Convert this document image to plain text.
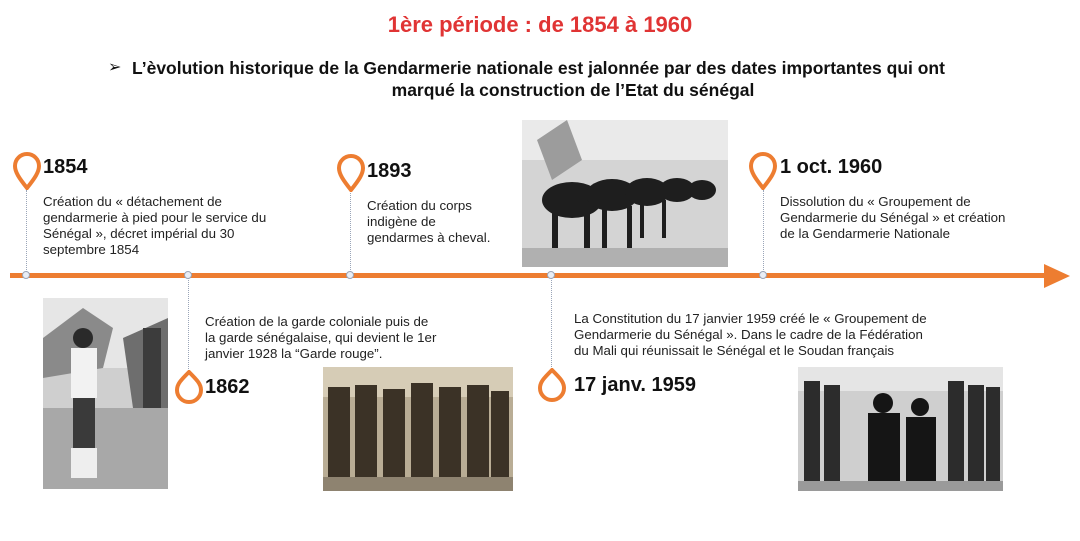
1ère période : de 1854 à 1960
➢ L’èvolution historique de la Gendarmerie nationale est jalonnée par des dates importantes qui ont
marqué la construction de l’Etat du sénégal
1854
Création du « détachement de
gendarmerie à pied pour le service du
Sénégal », décret impérial du 30
septembre 1854
1893
Création du corps
indigène de
gendarmes à cheval.
1 oct. 1960
Dissolution du « Groupement de
Gendarmerie du Sénégal » et création
de la Gendarmerie Nationale
Création de la garde coloniale puis de
la garde sénégalaise, qui devient le 1er
janvier 1928 la “Garde rouge”.
1862
La Constitution du 17 janvier 1959 créé le « Groupement de
Gendarmerie du Sénégal ». Dans le cadre de la Fédération
du Mali qui réunissait le Sénégal et le Soudan français
17 janv. 1959
